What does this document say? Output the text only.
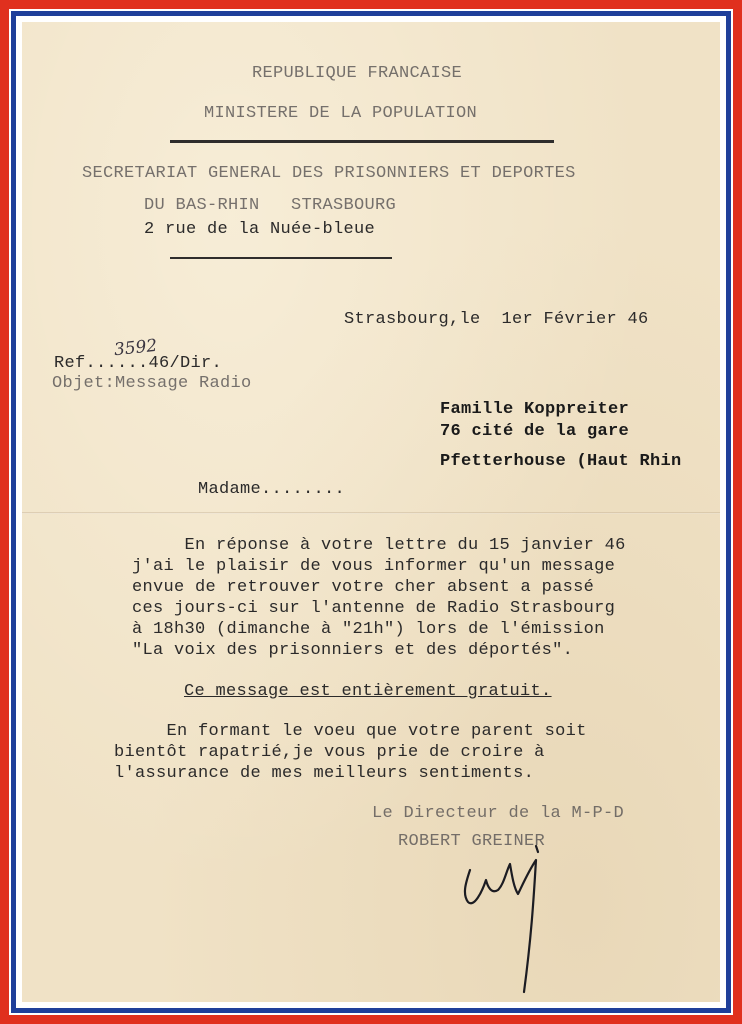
REPUBLIQUE FRANCAISE
MINISTERE DE LA POPULATION
SECRETARIAT GENERAL DES PRISONNIERS ET DEPORTES
DU BAS-RHIN   STRASBOURG
2 rue de la Nuée-bleue
Strasbourg,le  1er Février 46
3592
Ref......46/Dir.
Objet:Message Radio
Famille Koppreiter
76 cité de la gare
Pfetterhouse (Haut Rhin
Madame........
En réponse à votre lettre du 15 janvier 46
j'ai le plaisir de vous informer qu'un message
envue de retrouver votre cher absent a passé
ces jours-ci sur l'antenne de Radio Strasbourg
à 18h30 (dimanche à "21h") lors de l'émission
"La voix des prisonniers et des déportés".
Ce message est entièrement gratuit.
En formant le voeu que votre parent soit
bientôt rapatrié,je vous prie de croire à
l'assurance de mes meilleurs sentiments.
Le Directeur de la M-P-D
ROBERT GREINER
